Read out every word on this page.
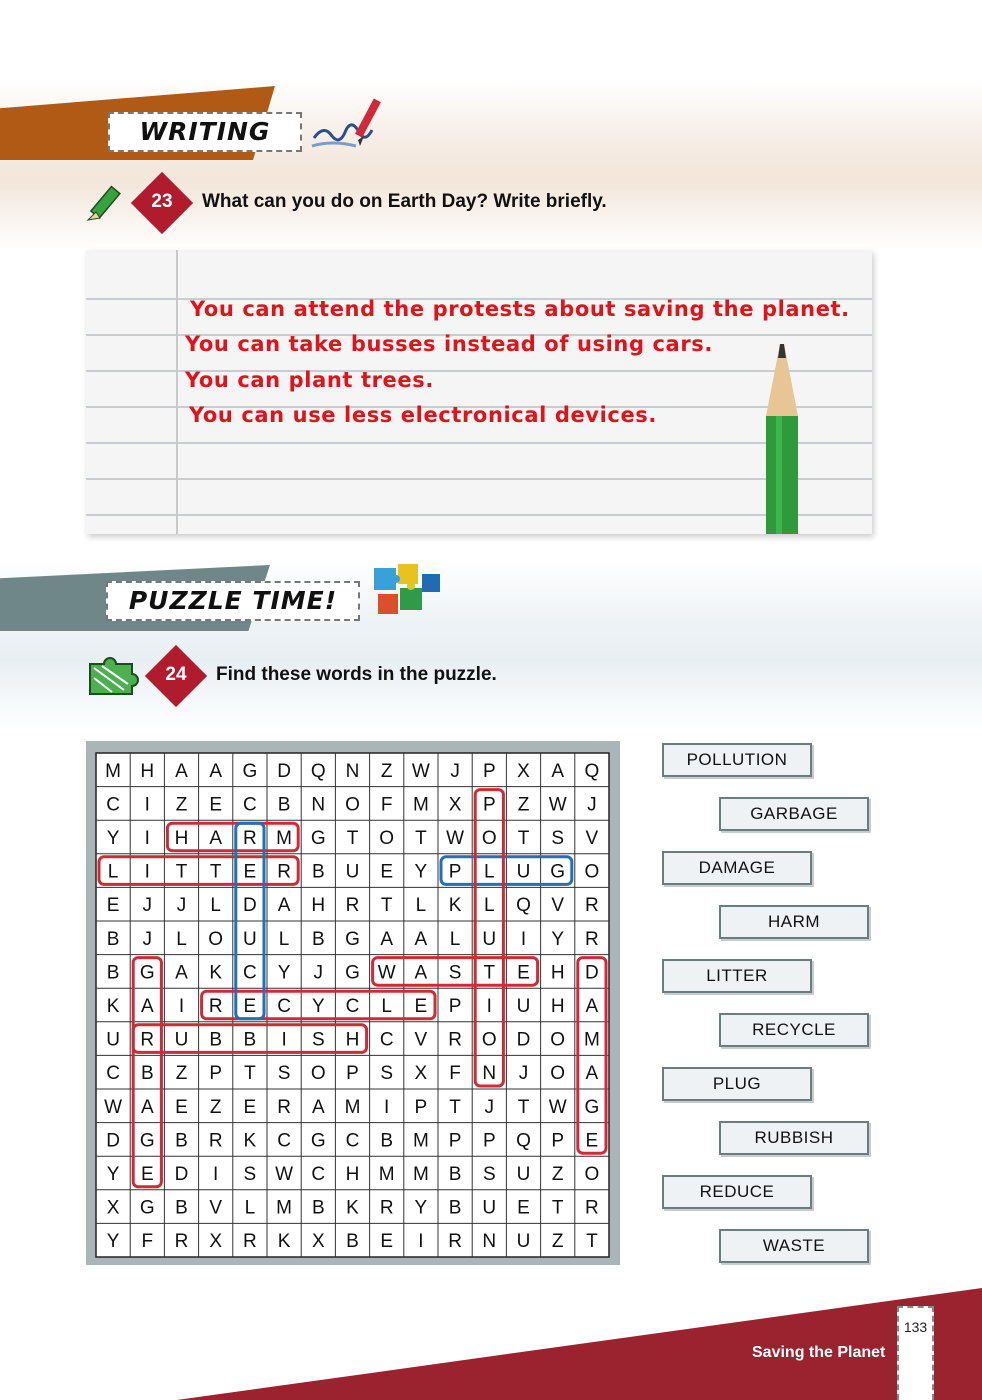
WRITING
23	What can you do on Earth Day? Write briefly.
You can attend the protests about saving the planet.
You can take busses instead of using cars.
You can plant trees.
You can use less electronical devices.
PUZZLE TIME!
24	Find these words in the puzzle.
M H A A G D Q N Z W J P X A Q
C I Z E C B N O F M X P Z W J
Y I H A R M G T O T W O T S V
L I T T E R B U E Y P L U G O
E J J L D A H R T L K L Q V R
B J L O U L B G A A L U I Y R
B G A K C Y J G W A S T E H D
K A I R E C Y C L E P I U H A
U R U B B I S H C V R O D O M
C B Z P T S O P S X F N J O A
W A E Z E R A M I P T J T W G
D G B R K C G C B M P P Q P E
Y E D I S W C H M M B S U Z O
X G B V L M B K R Y B U E T R
Y F R X R K X B E I R N U Z T
POLLUTION
GARBAGE
DAMAGE
HARM
LITTER
RECYCLE
PLUG
RUBBISH
REDUCE
WASTE
Saving the Planet
133
